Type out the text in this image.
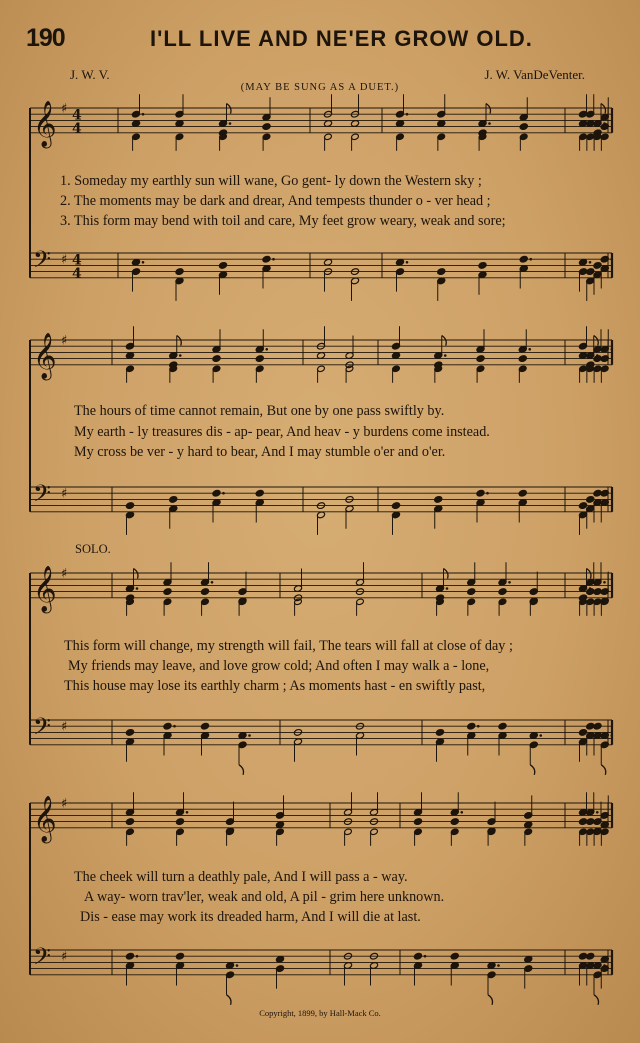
190	I'LL LIVE AND NE'ER GROW OLD.
J. W. V.	J. W. VanDeVenter.
(MAY BE SUNG AS A DUET.)
𝄞 ♯ 4
4
𝄢 ♯ 4
4
𝄞 ♯
𝄢 ♯
𝄞 ♯
𝄢 ♯
𝄞 ♯
𝄢 ♯
1. Someday my earthly sun will wane, Go gent- ly down the Western sky ;
2. The moments may be dark and drear, And tempests thunder o - ver head ;
3. This form may bend with toil and care, My feet grow weary, weak and sore;
The hours of time cannot remain, But one by one pass swiftly by.
My earth - ly treasures dis - ap- pear, And heav - y burdens come instead.
My cross be ver - y hard to bear, And I may stumble o'er and o'er.
SOLO.
This form will change, my strength will fail, The tears will fall at close of day ;
My friends may leave, and love grow cold; And often I may walk a - lone,
This house may lose its earthly charm ; As moments hast - en swiftly past,
The cheek will turn a deathly pale, And I will pass a - way.
A way- worn trav'ler, weak and old, A pil - grim here unknown.
Dis - ease may work its dreaded harm, And I will die at last.
Copyright, 1899, by Hall-Mack Co.
